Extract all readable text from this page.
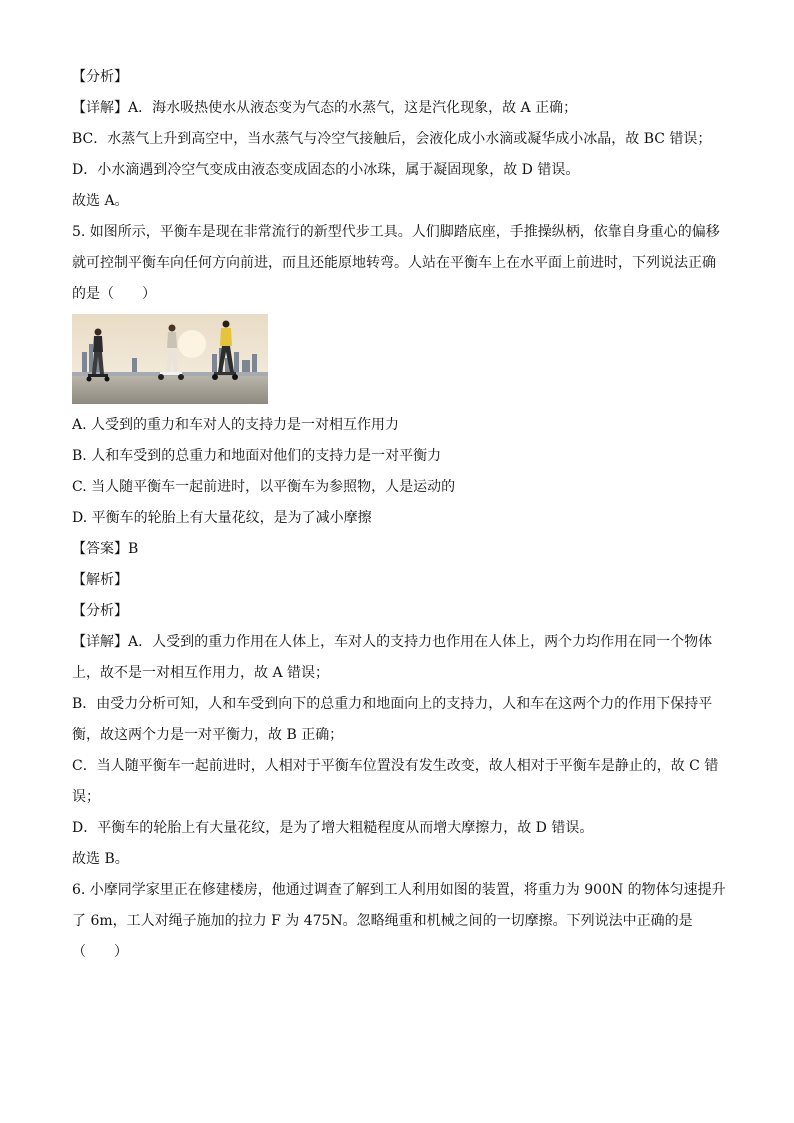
【分析】
【详解】A．海水吸热使水从液态变为气态的水蒸气，这是汽化现象，故 A 正确；
BC．水蒸气上升到高空中，当水蒸气与冷空气接触后，会液化成小水滴或凝华成小冰晶，故 BC 错误；
D．小水滴遇到冷空气变成由液态变成固态的小冰珠，属于凝固现象，故 D 错误。
故选 A。
5. 如图所示，平衡车是现在非常流行的新型代步工具。人们脚踏底座，手推操纵柄，依靠自身重心的偏移
就可控制平衡车向任何方向前进，而且还能原地转弯。人站在平衡车上在水平面上前进时，下列说法正确
的是（　　）
A. 人受到的重力和车对人的支持力是一对相互作用力
B. 人和车受到的总重力和地面对他们的支持力是一对平衡力
C. 当人随平衡车一起前进时，以平衡车为参照物，人是运动的
D. 平衡车的轮胎上有大量花纹，是为了减小摩擦
【答案】B
【解析】
【分析】
【详解】A．人受到的重力作用在人体上，车对人的支持力也作用在人体上，两个力均作用在同一个物体
上，故不是一对相互作用力，故 A 错误；
B．由受力分析可知，人和车受到向下的总重力和地面向上的支持力，人和车在这两个力的作用下保持平
衡，故这两个力是一对平衡力，故 B 正确；
C．当人随平衡车一起前进时，人相对于平衡车位置没有发生改变，故人相对于平衡车是静止的，故 C 错
误；
D．平衡车的轮胎上有大量花纹，是为了增大粗糙程度从而增大摩擦力，故 D 错误。
故选 B。
6. 小摩同学家里正在修建楼房，他通过调查了解到工人利用如图的装置，将重力为 900N 的物体匀速提升
了 6m，工人对绳子施加的拉力 F 为 475N。忽略绳重和机械之间的一切摩擦。下列说法中正确的是
（　　）
